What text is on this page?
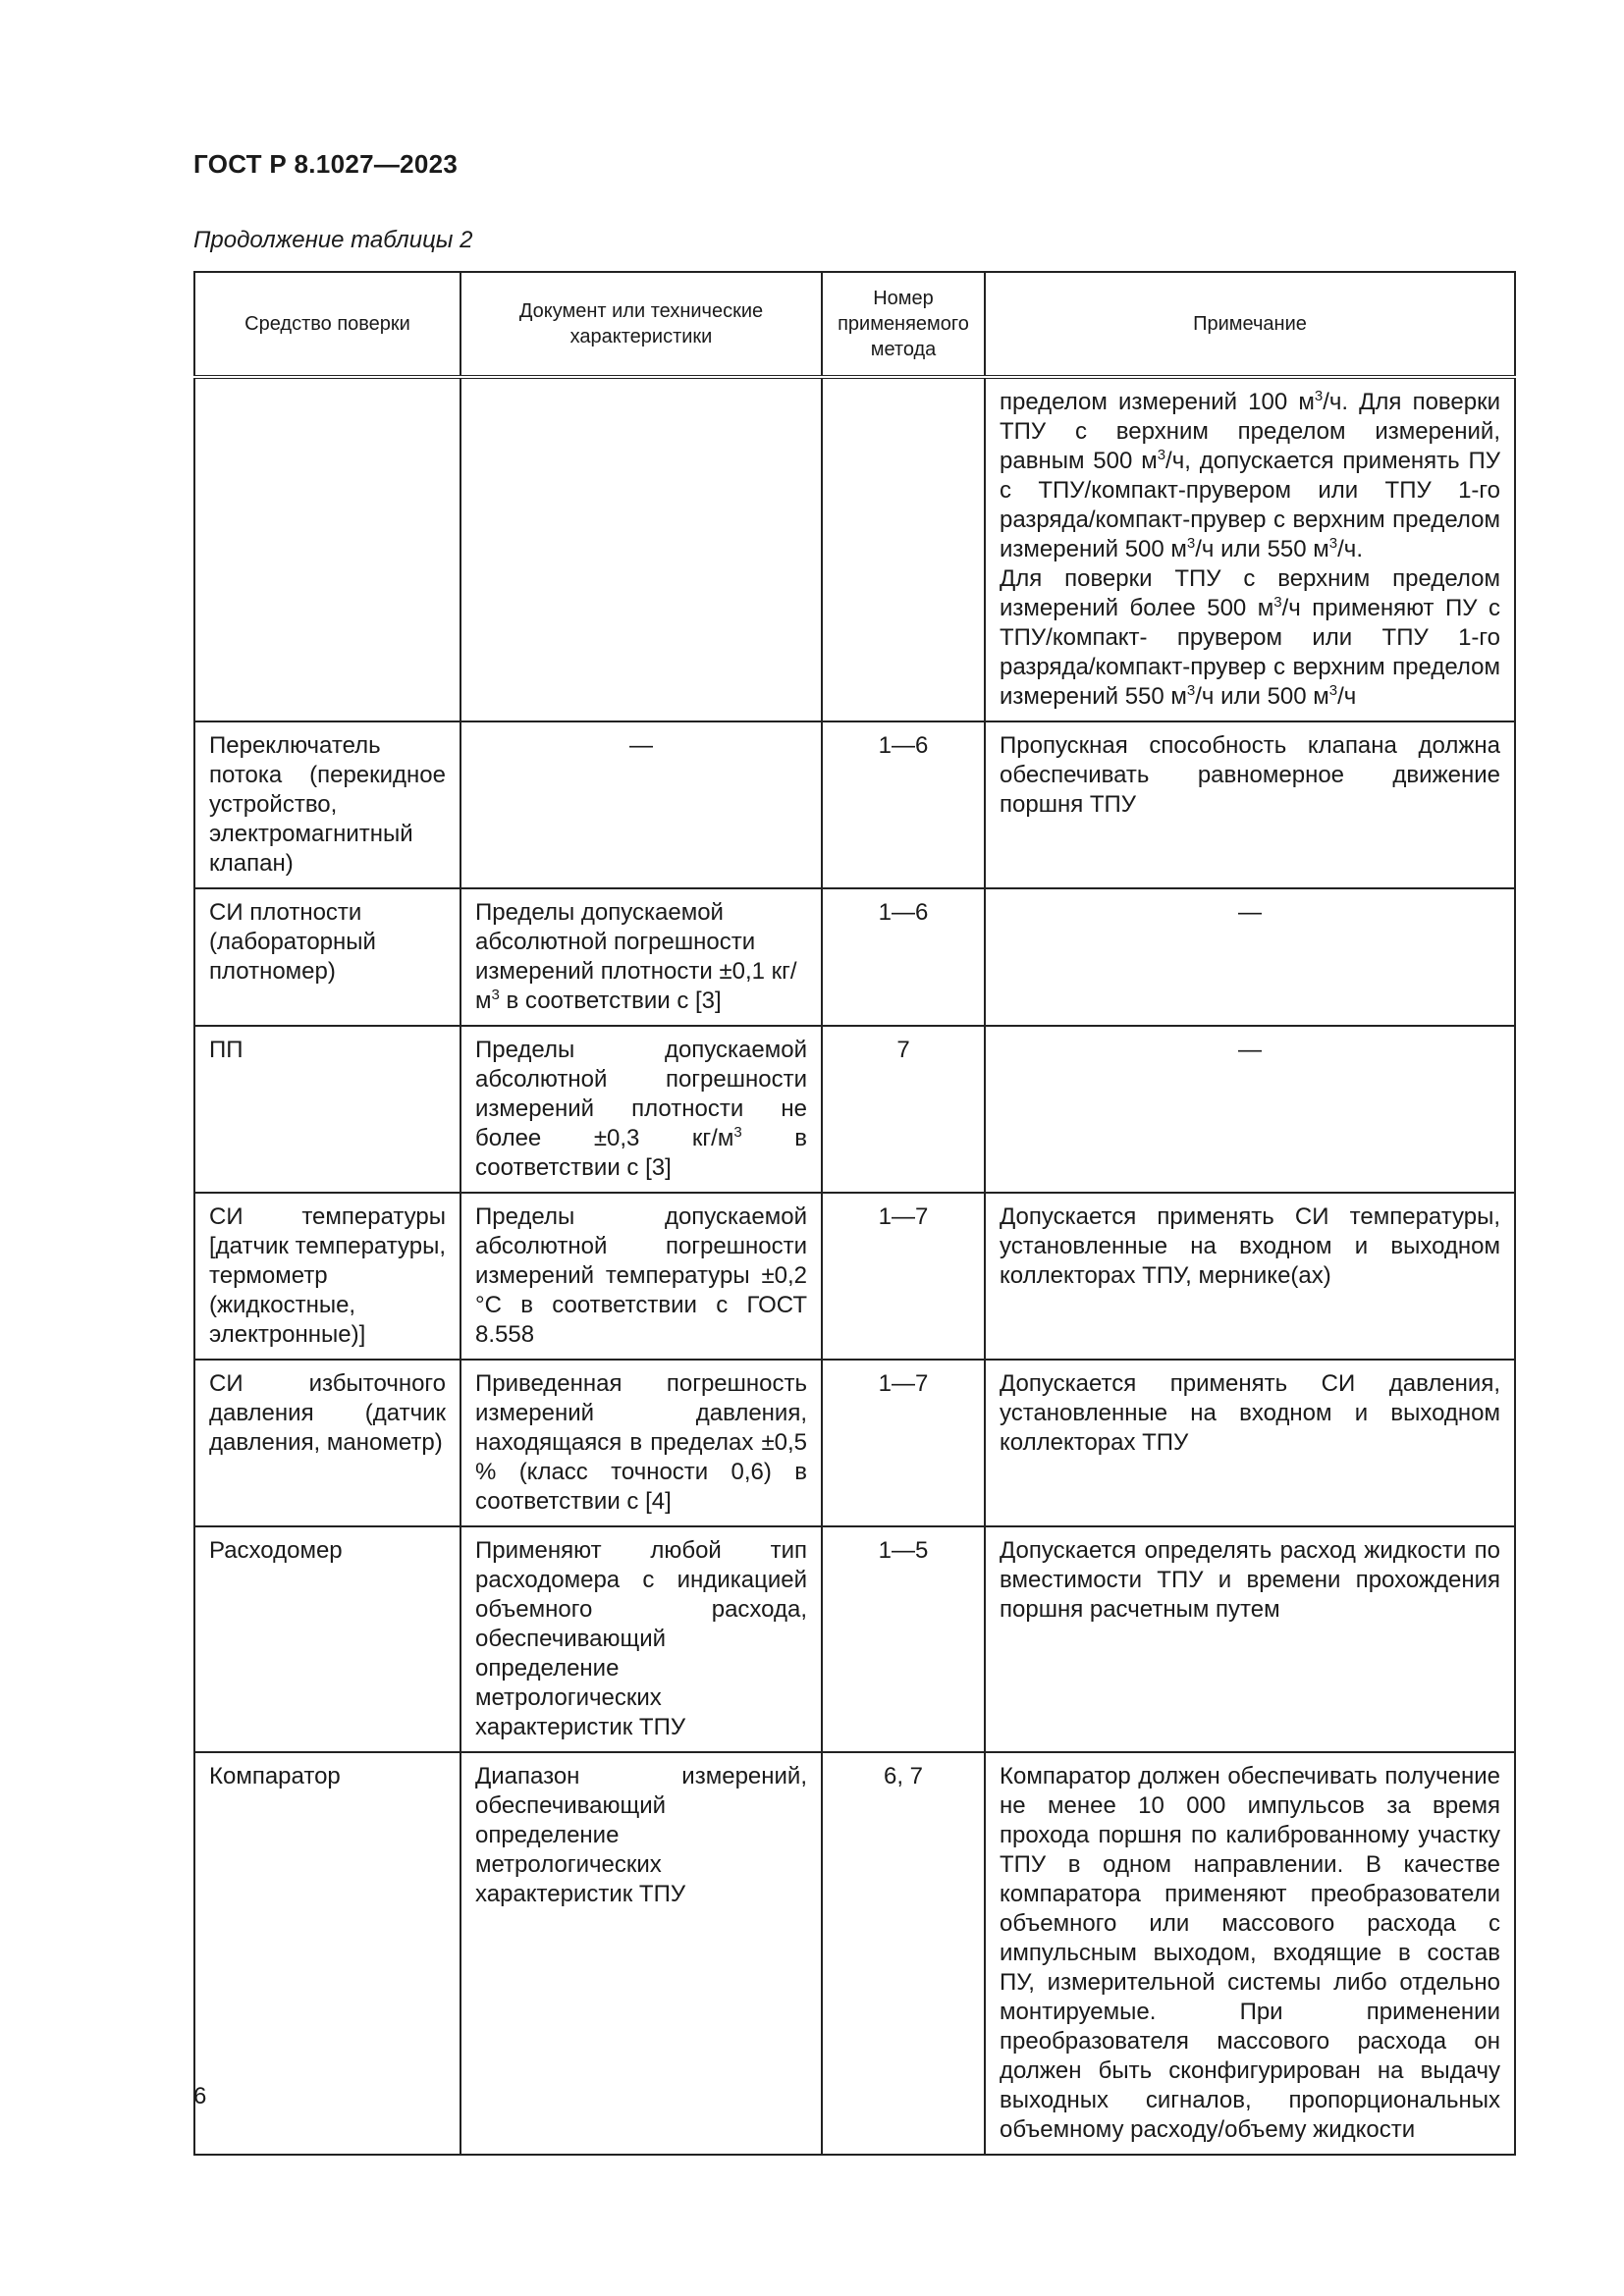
ГОСТ Р 8.1027—2023
Продолжение таблицы 2
Средство поверки	Документ или технические характеристики	Номер применяемого метода	Примечание
			пределом измерений 100 $м^3/ч$. Для поверки ТПУ с верхним пределом измерений, равным 500 $м^3/ч$, допускается применять ПУ с ТПУ/компакт-прувером или ТПУ 1-го разряда/компакт-прувер с верхним пределом измерений 500 $м^3/ч$ или 550 $м^3/ч$.
Для поверки ТПУ с верхним пределом измерений более 500 $м^3/ч$ применяют ПУ с ТПУ/компакт- прувером или ТПУ 1-го разряда/компакт-прувер с верхним пределом измерений 550 $м^3/ч$ или 500 $м^3/ч$
Переключатель потока (перекидное устройство, электромагнитный клапан)	—	1—6	Пропускная способность клапана должна обеспечивать равномерное движение поршня ТПУ
СИ плотности (лабораторный плотномер)	Пределы допускаемой абсолютной погрешности измерений плотности ±0,1 $кг/м^3$ в соответствии с [3]	1—6	—
ПП	Пределы допускаемой абсолютной погрешности измерений плотности не более ±0,3 $кг/м^3$ в соответствии с [3]	7	—
СИ температуры [датчик температуры, термометр (жидкостные, электронные)]	Пределы допускаемой абсолютной погрешности измерений температуры ±0,2 °C в соответствии с ГОСТ 8.558	1—7	Допускается применять СИ температуры, установленные на входном и выходном коллекторах ТПУ, мернике(ах)
СИ избыточного давления (датчик давления, манометр)	Приведенная погрешность измерений давления, находящаяся в пределах ±0,5 % (класс точности 0,6) в соответствии с [4]	1—7	Допускается применять СИ давления, установленные на входном и выходном коллекторах ТПУ
Расходомер	Применяют любой тип расходомера с индикацией объемного расхода, обеспечивающий определение метрологических характеристик ТПУ	1—5	Допускается определять расход жидкости по вместимости ТПУ и времени прохождения поршня расчетным путем
Компаратор	Диапазон измерений, обеспечивающий определение метрологических характеристик ТПУ	6, 7	Компаратор должен обеспечивать получение не менее 10 000 импульсов за время прохода поршня по калиброванному участку ТПУ в одном направлении. В качестве компаратора применяют преобразователи объемного или массового расхода с импульсным выходом, входящие в состав ПУ, измерительной системы либо отдельно монтируемые. При применении преобразователя массового расхода он должен быть сконфигурирован на выдачу выходных сигналов, пропорциональных объемному расходу/объему жидкости
6
